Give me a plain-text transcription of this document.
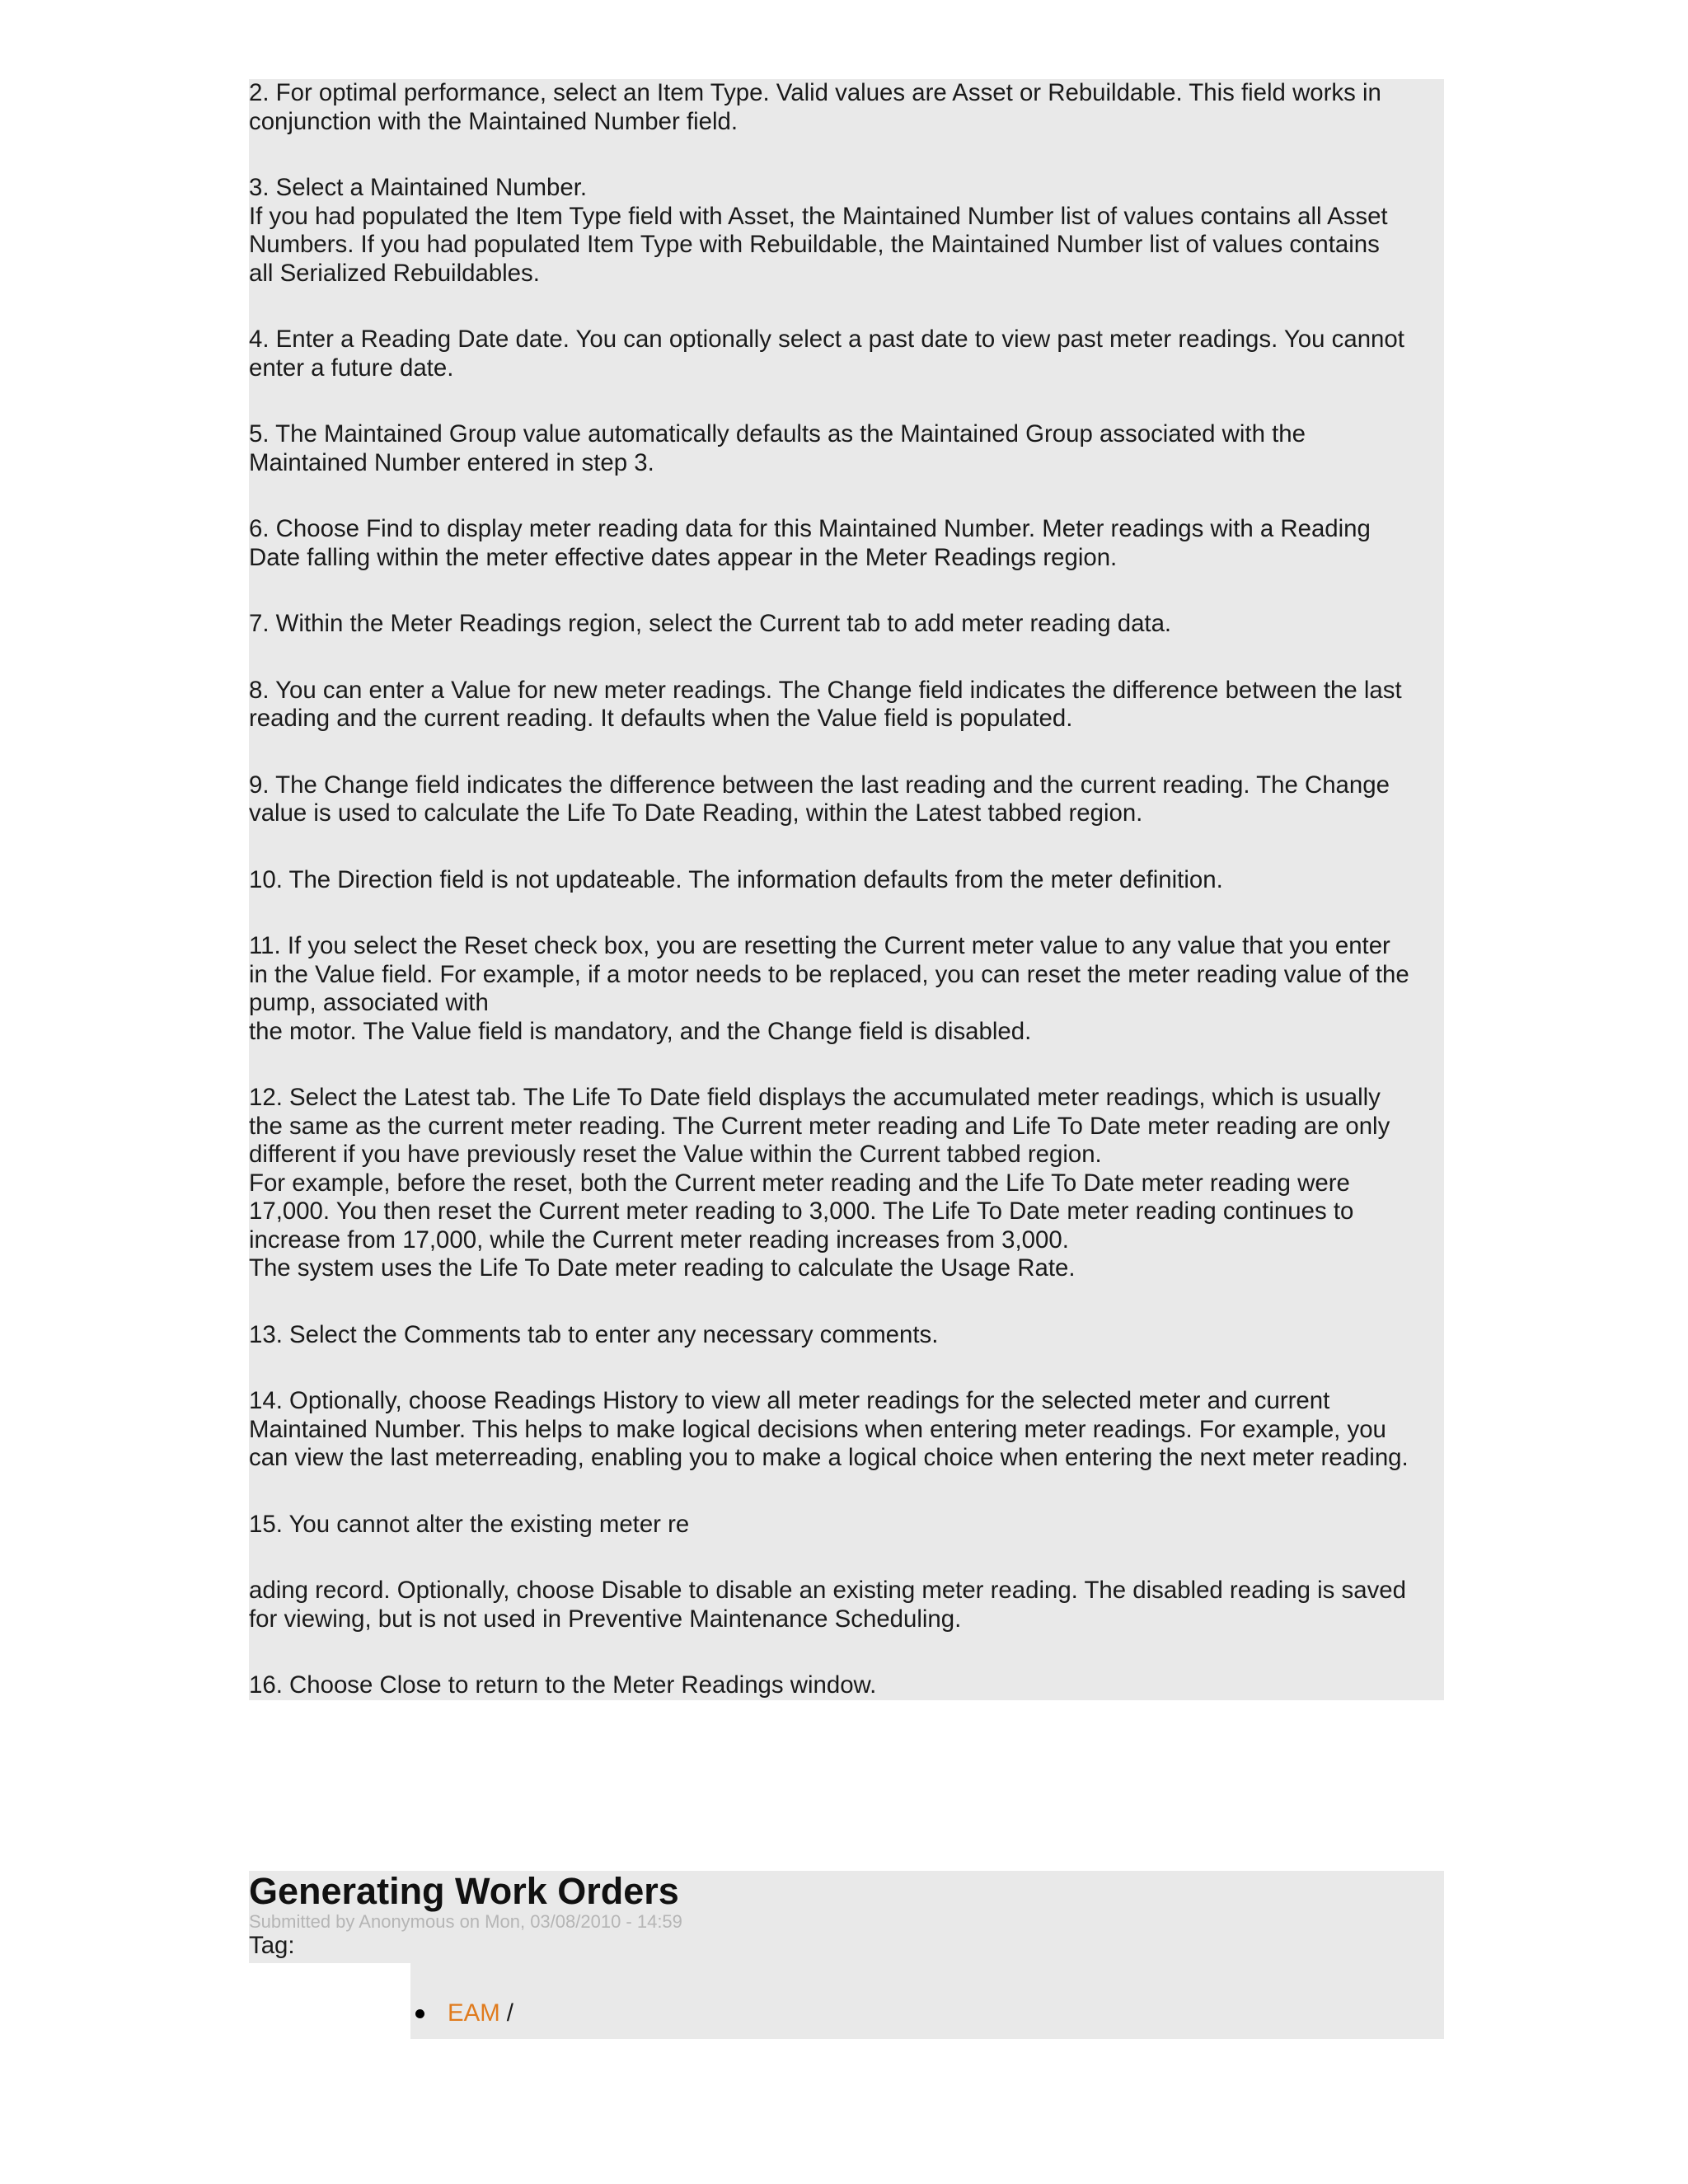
2. For optimal performance, select an Item Type. Valid values are Asset or Rebuildable. This field works in
conjunction with the Maintained Number field.

3. Select a Maintained Number.
If you had populated the Item Type field with Asset, the Maintained Number list of values contains all Asset
Numbers. If you had populated Item Type with Rebuildable, the Maintained Number list of values contains
all Serialized Rebuildables.

4. Enter a Reading Date date. You can optionally select a past date to view past meter readings. You cannot
enter a future date.

5. The Maintained Group value automatically defaults as the Maintained Group associated with the
Maintained Number entered in step 3.

6. Choose Find to display meter reading data for this Maintained Number. Meter readings with a Reading
Date falling within the meter effective dates appear in the Meter Readings region.

7. Within the Meter Readings region, select the Current tab to add meter reading data.

8. You can enter a Value for new meter readings. The Change field indicates the difference between the last
reading and the current reading. It defaults when the Value field is populated.

9. The Change field indicates the difference between the last reading and the current reading. The Change
value is used to calculate the Life To Date Reading, within the Latest tabbed region.

10. The Direction field is not updateable. The information defaults from the meter definition.

11. If you select the Reset check box, you are resetting the Current meter value to any value that you enter
in the Value field. For example, if a motor needs to be replaced, you can reset the meter reading value of the
pump, associated with
the motor. The Value field is mandatory, and the Change field is disabled.

12. Select the Latest tab. The Life To Date field displays the accumulated meter readings, which is usually
the same as the current meter reading. The Current meter reading and Life To Date meter reading are only
different if you have previously reset the Value within the Current tabbed region.
For example, before the reset, both the Current meter reading and the Life To Date meter reading were
17,000. You then reset the Current meter reading to 3,000. The Life To Date meter reading continues to
increase from 17,000, while the Current meter reading increases from 3,000.
The system uses the Life To Date meter reading to calculate the Usage Rate.

13. Select the Comments tab to enter any necessary comments.

14. Optionally, choose Readings History to view all meter readings for the selected meter and current
Maintained Number. This helps to make logical decisions when entering meter readings. For example, you
can view the last meterreading, enabling you to make a logical choice when entering the next meter reading.

15. You cannot alter the existing meter re

ading record. Optionally, choose Disable to disable an existing meter reading. The disabled reading is saved
for viewing, but is not used in Preventive Maintenance Scheduling.

16. Choose Close to return to the Meter Readings window.

Generating Work Orders
Submitted by Anonymous on Mon, 03/08/2010 - 14:59
Tag:
EAM /
